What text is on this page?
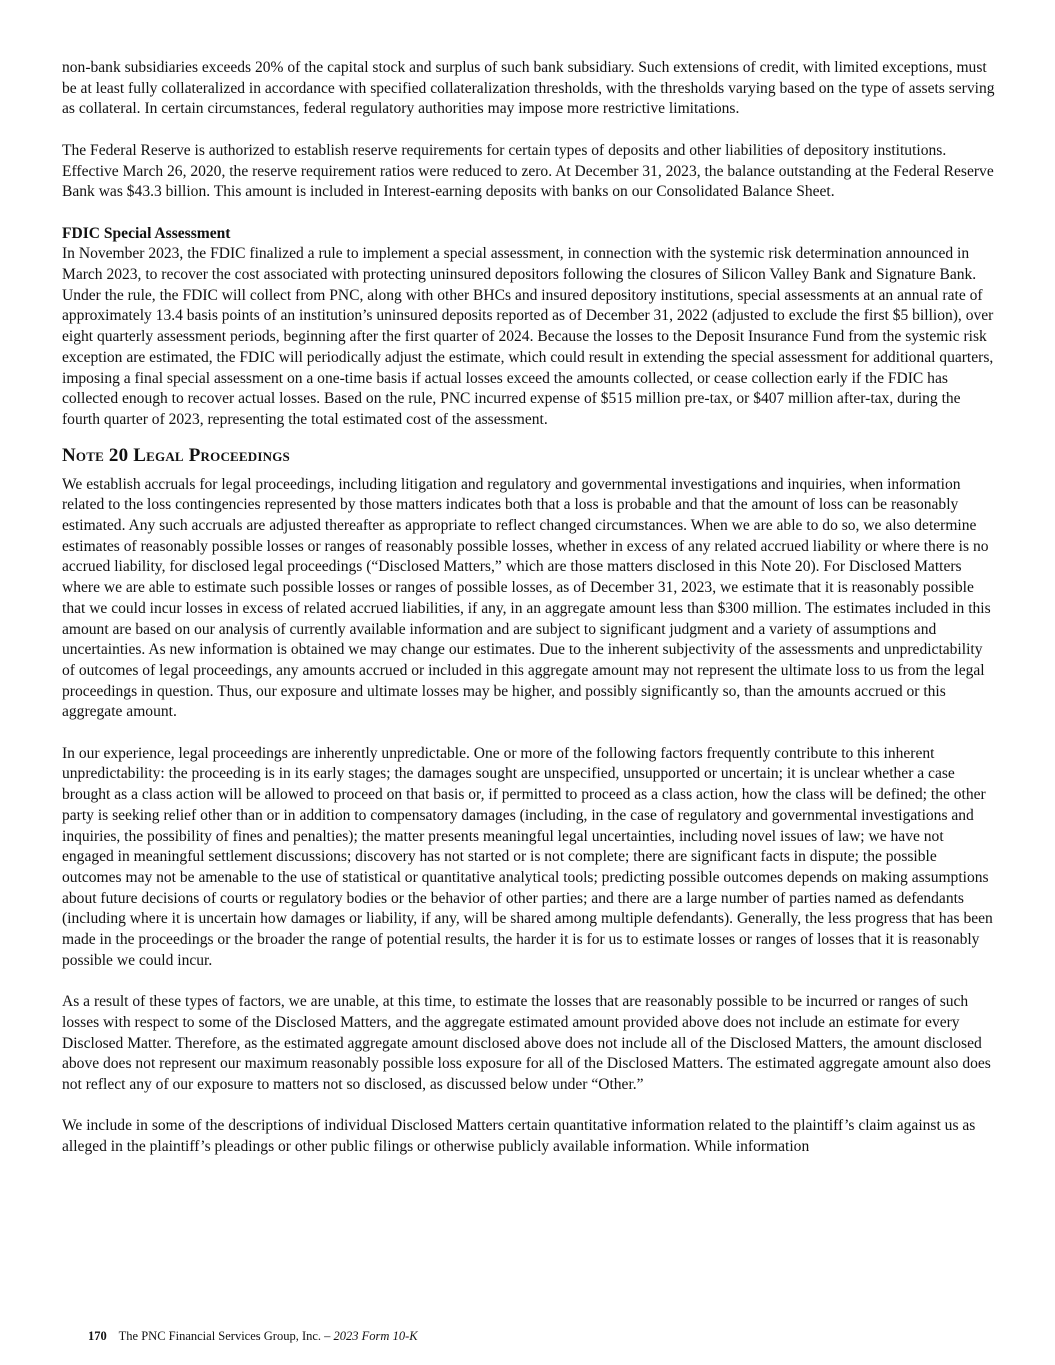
non-bank subsidiaries exceeds 20% of the capital stock and surplus of such bank subsidiary. Such extensions of credit, with limited exceptions, must be at least fully collateralized in accordance with specified collateralization thresholds, with the thresholds varying based on the type of assets serving as collateral. In certain circumstances, federal regulatory authorities may impose more restrictive limitations.

The Federal Reserve is authorized to establish reserve requirements for certain types of deposits and other liabilities of depository institutions. Effective March 26, 2020, the reserve requirement ratios were reduced to zero. At December 31, 2023, the balance outstanding at the Federal Reserve Bank was $43.3 billion. This amount is included in Interest-earning deposits with banks on our Consolidated Balance Sheet.

FDIC Special Assessment

In November 2023, the FDIC finalized a rule to implement a special assessment, in connection with the systemic risk determination announced in March 2023, to recover the cost associated with protecting uninsured depositors following the closures of Silicon Valley Bank and Signature Bank. Under the rule, the FDIC will collect from PNC, along with other BHCs and insured depository institutions, special assessments at an annual rate of approximately 13.4 basis points of an institution’s uninsured deposits reported as of December 31, 2022 (adjusted to exclude the first $5 billion), over eight quarterly assessment periods, beginning after the first quarter of 2024. Because the losses to the Deposit Insurance Fund from the systemic risk exception are estimated, the FDIC will periodically adjust the estimate, which could result in extending the special assessment for additional quarters, imposing a final special assessment on a one-time basis if actual losses exceed the amounts collected, or cease collection early if the FDIC has collected enough to recover actual losses. Based on the rule, PNC incurred expense of $515 million pre-tax, or $407 million after-tax, during the fourth quarter of 2023, representing the total estimated cost of the assessment.

Note 20 Legal Proceedings

We establish accruals for legal proceedings, including litigation and regulatory and governmental investigations and inquiries, when information related to the loss contingencies represented by those matters indicates both that a loss is probable and that the amount of loss can be reasonably estimated. Any such accruals are adjusted thereafter as appropriate to reflect changed circumstances. When we are able to do so, we also determine estimates of reasonably possible losses or ranges of reasonably possible losses, whether in excess of any related accrued liability or where there is no accrued liability, for disclosed legal proceedings (“Disclosed Matters,” which are those matters disclosed in this Note 20). For Disclosed Matters where we are able to estimate such possible losses or ranges of possible losses, as of December 31, 2023, we estimate that it is reasonably possible that we could incur losses in excess of related accrued liabilities, if any, in an aggregate amount less than $300 million. The estimates included in this amount are based on our analysis of currently available information and are subject to significant judgment and a variety of assumptions and uncertainties. As new information is obtained we may change our estimates. Due to the inherent subjectivity of the assessments and unpredictability of outcomes of legal proceedings, any amounts accrued or included in this aggregate amount may not represent the ultimate loss to us from the legal proceedings in question. Thus, our exposure and ultimate losses may be higher, and possibly significantly so, than the amounts accrued or this aggregate amount.

In our experience, legal proceedings are inherently unpredictable. One or more of the following factors frequently contribute to this inherent unpredictability: the proceeding is in its early stages; the damages sought are unspecified, unsupported or uncertain; it is unclear whether a case brought as a class action will be allowed to proceed on that basis or, if permitted to proceed as a class action, how the class will be defined; the other party is seeking relief other than or in addition to compensatory damages (including, in the case of regulatory and governmental investigations and inquiries, the possibility of fines and penalties); the matter presents meaningful legal uncertainties, including novel issues of law; we have not engaged in meaningful settlement discussions; discovery has not started or is not complete; there are significant facts in dispute; the possible outcomes may not be amenable to the use of statistical or quantitative analytical tools; predicting possible outcomes depends on making assumptions about future decisions of courts or regulatory bodies or the behavior of other parties; and there are a large number of parties named as defendants (including where it is uncertain how damages or liability, if any, will be shared among multiple defendants). Generally, the less progress that has been made in the proceedings or the broader the range of potential results, the harder it is for us to estimate losses or ranges of losses that it is reasonably possible we could incur.

As a result of these types of factors, we are unable, at this time, to estimate the losses that are reasonably possible to be incurred or ranges of such losses with respect to some of the Disclosed Matters, and the aggregate estimated amount provided above does not include an estimate for every Disclosed Matter. Therefore, as the estimated aggregate amount disclosed above does not include all of the Disclosed Matters, the amount disclosed above does not represent our maximum reasonably possible loss exposure for all of the Disclosed Matters. The estimated aggregate amount also does not reflect any of our exposure to matters not so disclosed, as discussed below under “Other.”

We include in some of the descriptions of individual Disclosed Matters certain quantitative information related to the plaintiff’s claim against us as alleged in the plaintiff’s pleadings or other public filings or otherwise publicly available information. While information

170 The PNC Financial Services Group, Inc. – 2023 Form 10-K
